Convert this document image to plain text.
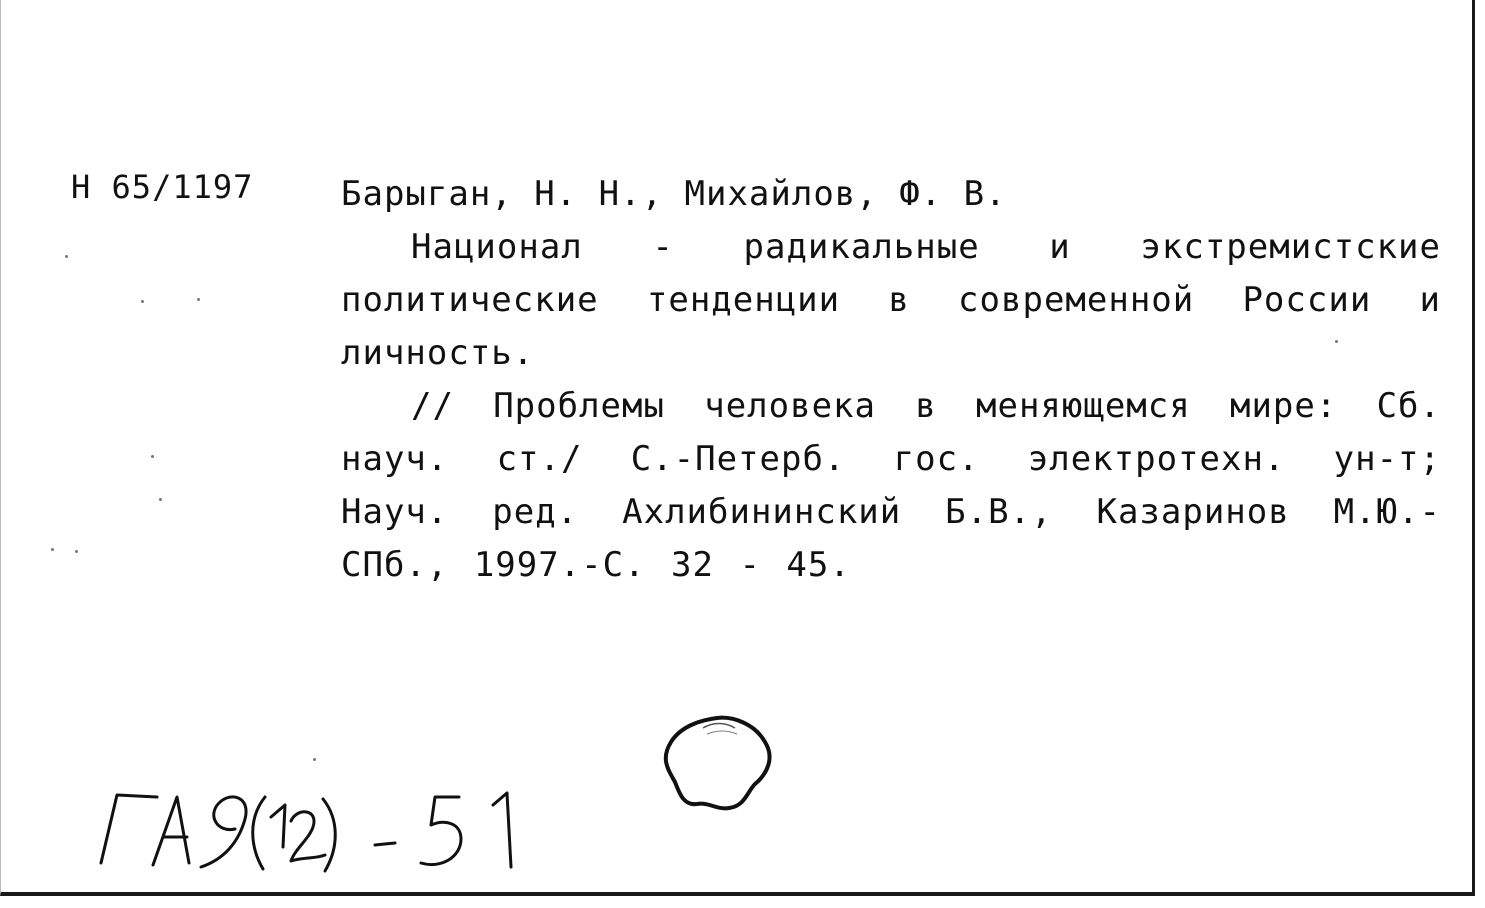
Н 65/1197	Барыган, Н. Н., Михайлов, Ф. В.
Национал - радикальные и экстремистские политические тенденции в современной России и личность.
// Проблемы человека в меняющемся мире: Сб. науч. ст./ С.-Петерб. гос. электротехн. ун-т; Науч. ред. Ахлибининский Б.В., Казаринов М.Ю.- СПб., 1997.-С. 32 - 45.
